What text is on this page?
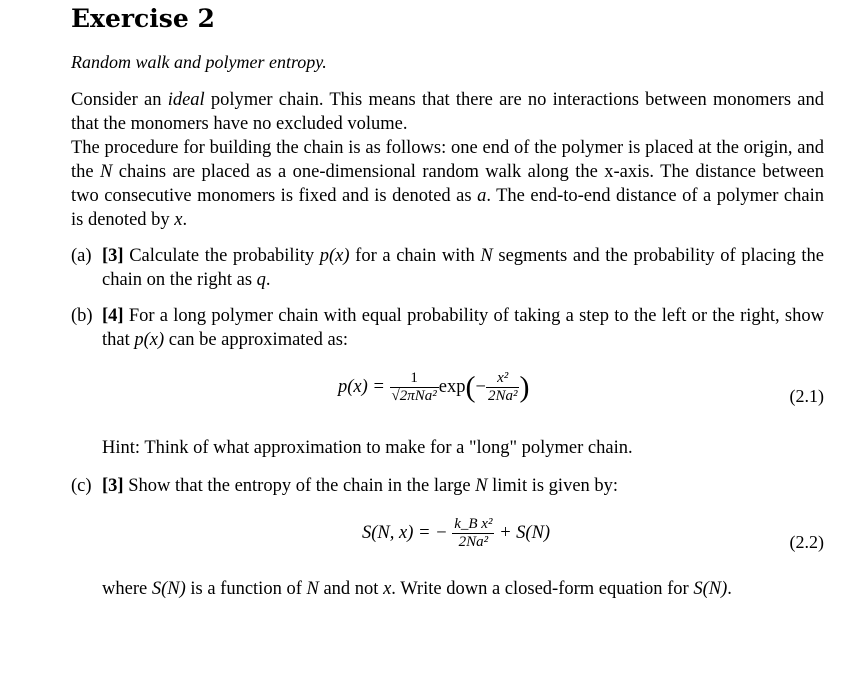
Exercise 2
Random walk and polymer entropy.
Consider an ideal polymer chain. This means that there are no interactions between monomers and that the monomers have no excluded volume.
The procedure for building the chain is as follows: one end of the polymer is placed at the origin, and the N chains are placed as a one-dimensional random walk along the x-axis. The distance between two consecutive monomers is fixed and is denoted as a. The end-to-end distance of a polymer chain is denoted by x.
(a) [3] Calculate the probability p(x) for a chain with N segments and the probability of placing the chain on the right as q.
(b) [4] For a long polymer chain with equal probability of taking a step to the left or the right, show that p(x) can be approximated as:
$p(x) = \frac{1}{\text{√2πNa²}} \exp(- \frac{\text{x²}}{\text{2Na²}}$ )	(2.1)
Hint: Think of what approximation to make for a "long" polymer chain.
(c) [3] Show that the entropy of the chain in the large N limit is given by:
S(N, x) = − $\frac{\text{k\_B x²}}{\text{2Na²}} + S(N)$	(2.2)
where S(N) is a function of N and not x. Write down a closed-form equation for S(N).
